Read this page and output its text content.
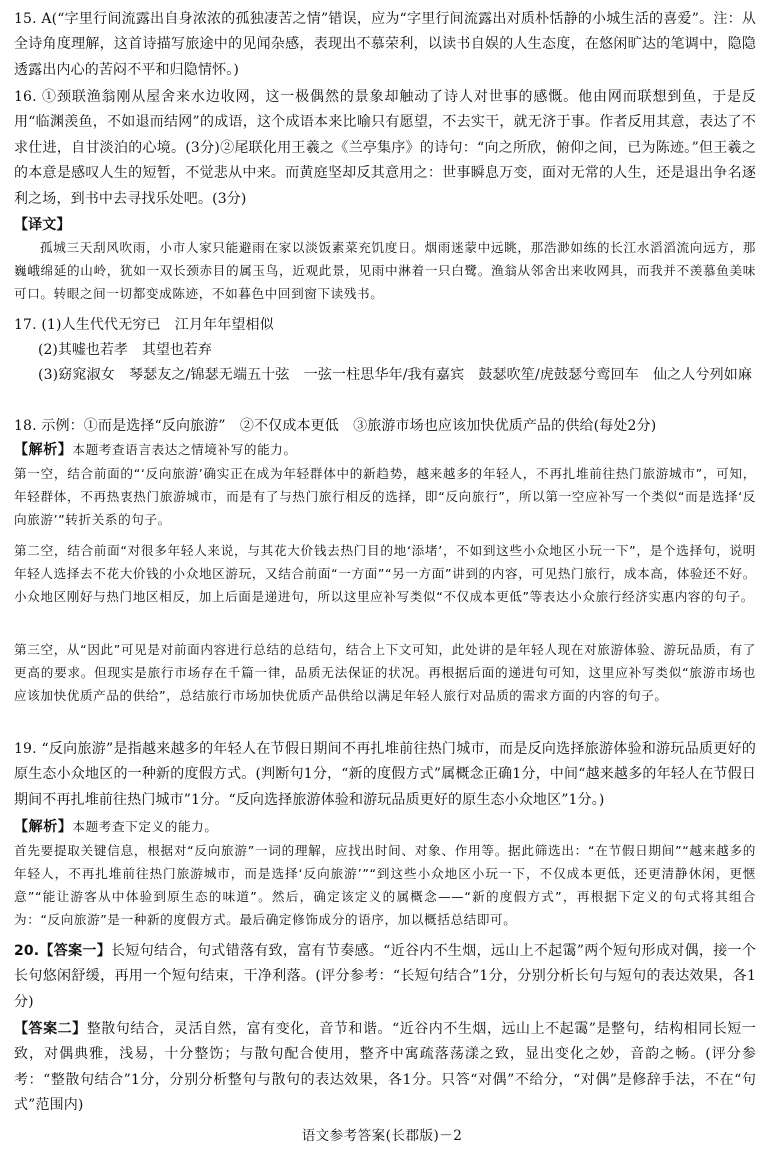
15. A(“字里行间流露出自身浓浓的孤独凄苦之情”错误，应为“字里行间流露出对质朴恬静的小城生活的喜爱”。注：从全诗角度理解，这首诗描写旅途中的见闻杂感，表现出不慕荣利，以读书自娱的人生态度，在悠闲旷达的笔调中，隐隐透露出内心的苦闷不平和归隐情怀。)

16. ①颈联渔翁刚从屋舍来水边收网，这一极偶然的景象却触动了诗人对世事的感慨。他由网而联想到鱼，于是反用“临渊羡鱼，不如退而结网”的成语，这个成语本来比喻只有愿望，不去实干，就无济于事。作者反用其意，表达了不求仕进，自甘淡泊的心境。(3分)②尾联化用王羲之《兰亭集序》的诗句：“向之所欣，俯仰之间，已为陈迹。”但王羲之的本意是感叹人生的短暂，不觉悲从中来。而黄庭坚却反其意用之：世事瞬息万变，面对无常的人生，还是退出争名逐利之场，到书中去寻找乐处吧。(3分)

【译文】

孤城三天刮风吹雨，小市人家只能避雨在家以淡饭素菜充饥度日。烟雨迷蒙中远眺，那浩渺如练的长江水滔滔流向远方，那巍峨绵延的山岭，犹如一双长颈赤目的属玉鸟，近观此景，见雨中淋着一只白鹭。渔翁从邻舍出来收网具，而我并不羡慕鱼美味可口。转眼之间一切都变成陈迹，不如暮色中回到窗下读残书。

17. (1)人生代代无穷已　江月年年望相似
(2)其嘘也若孝　其望也若弃

(3)窈窕淑女　琴瑟友之/锦瑟无端五十弦　一弦一柱思华年/我有嘉宾　鼓瑟吹笙/虎鼓瑟兮鸾回车　仙之人兮列如麻

18. 示例：①而是选择“反向旅游”　②不仅成本更低　③旅游市场也应该加快优质产品的供给(每处2分)

【解析】本题考查语言表达之情境补写的能力。

第一空，结合前面的“‘反向旅游’确实正在成为年轻群体中的新趋势，越来越多的年轻人，不再扎堆前往热门旅游城市”，可知，年轻群体，不再热衷热门旅游城市，而是有了与热门旅行相反的选择，即“反向旅行”，所以第一空应补写一个类似“而是选择‘反向旅游’”转折关系的句子。

第二空，结合前面“对很多年轻人来说，与其花大价钱去热门目的地‘添堵’，不如到这些小众地区小玩一下”，是个选择句，说明年轻人选择去不花大价钱的小众地区游玩，又结合前面“一方面”“另一方面”讲到的内容，可见热门旅行，成本高，体验还不好。小众地区刚好与热门地区相反，加上后面是递进句，所以这里应补写类似“不仅成本更低”等表达小众旅行经济实惠内容的句子。

第三空，从“因此”可见是对前面内容进行总结的总结句，结合上下文可知，此处讲的是年轻人现在对旅游体验、游玩品质，有了更高的要求。但现实是旅行市场存在千篇一律，品质无法保证的状况。再根据后面的递进句可知，这里应补写类似“旅游市场也应该加快优质产品的供给”，总结旅行市场加快优质产品供给以满足年轻人旅行对品质的需求方面的内容的句子。

19. “反向旅游”是指越来越多的年轻人在节假日期间不再扎堆前往热门城市，而是反向选择旅游体验和游玩品质更好的原生态小众地区的一种新的度假方式。(判断句1分，“新的度假方式”属概念正确1分，中间“越来越多的年轻人在节假日期间不再扎堆前往热门城市”1分。“反向选择旅游体验和游玩品质更好的原生态小众地区”1分。)

【解析】本题考查下定义的能力。

首先要提取关键信息，根据对“反向旅游”一词的理解，应找出时间、对象、作用等。据此筛选出：“在节假日期间”“越来越多的年轻人，不再扎堆前往热门旅游城市，而是选择‘反向旅游’”“到这些小众地区小玩一下，不仅成本更低，还更清静休闲，更惬意”“能让游客从中体验到原生态的味道”。然后，确定该定义的属概念——“新的度假方式”，再根据下定义的句式将其组合为：“反向旅游”是一种新的度假方式。最后确定修饰成分的语序，加以概括总结即可。

20.【答案一】长短句结合，句式错落有致，富有节奏感。“近谷内不生烟，远山上不起霭”两个短句形成对偶，接一个长句悠闲舒缓，再用一个短句结束，干净利落。(评分参考：“长短句结合”1分，分别分析长句与短句的表达效果，各1分)

【答案二】整散句结合，灵活自然，富有变化，音节和谐。“近谷内不生烟，远山上不起霭”是整句，结构相同长短一致，对偶典雅，浅易，十分整饬；与散句配合使用，整齐中寓疏落荡漾之致，显出变化之妙，音韵之畅。(评分参考：“整散句结合”1分，分别分析整句与散句的表达效果，各1分。只答“对偶”不给分，“对偶”是修辞手法，不在“句式”范围内)

语文参考答案(长郡版)－2
